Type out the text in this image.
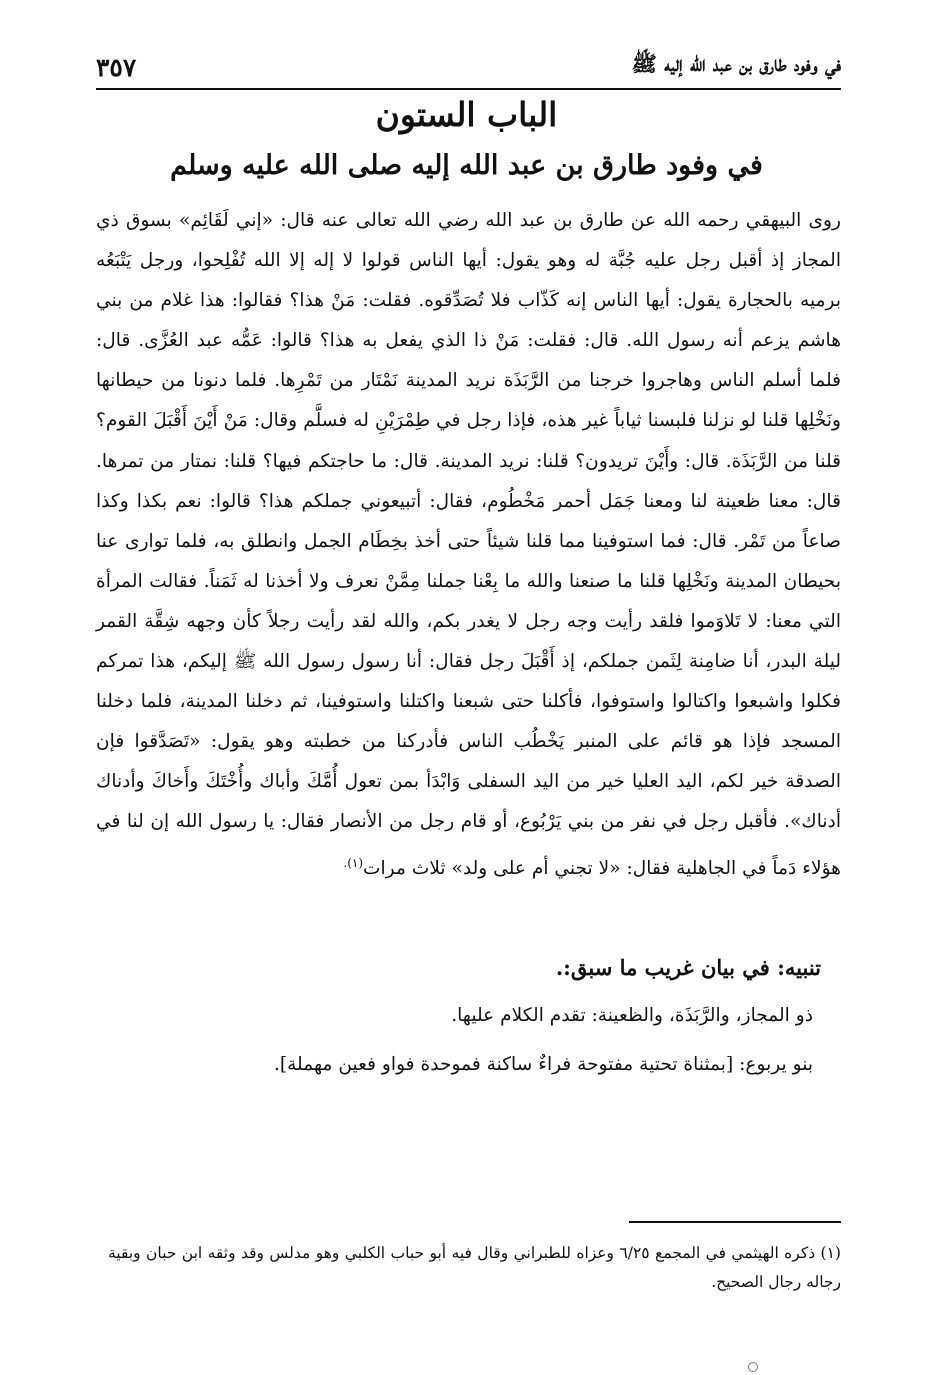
في وفود طارق بن عبد الله إليه ﷺ
٣٥٧
الباب الستون
في وفود طارق بن عبد الله إليه صلى الله عليه وسلم
روى البيهقي رحمه الله عن طارق بن عبد الله رضي الله تعالى عنه قال: «إني لَقَائِم» بسوق ذي المجاز إذ أقبل رجل عليه جُبَّة له وهو يقول: أيها الناس قولوا لا إله إلا الله تُفْلِحوا، ورجل يَتْبَعُه برميه بالحجارة يقول: أيها الناس إنه كَذّاب فلا تُصَدِّقوه. فقلت: مَنْ هذا؟ فقالوا: هذا غلام من بني هاشم يزعم أنه رسول الله. قال: فقلت: مَنْ ذا الذي يفعل به هذا؟ قالوا: عَمُّه عبد العُزَّى. قال: فلما أسلم الناس وهاجروا خرجنا من الرَّبَذَة نريد المدينة نَمْتَار من تَمْرِها. فلما دنونا من حيطانها ونَخْلِها قلنا لو نزلنا فلبسنا ثياباً غير هذه، فإذا رجل في طِمْرَيْنِ له فسلَّم وقال: مَنْ أَيْنَ أَقْبَلَ القوم؟ قلنا من الرَّبَذَة. قال: وأَيْنَ تريدون؟ قلنا: نريد المدينة. قال: ما حاجتكم فيها؟ قلنا: نمتار من تمرها. قال: معنا ظعينة لنا ومعنا جَمَل أحمر مَخْطُوم، فقال: أتبيعوني جملكم هذا؟ قالوا: نعم بكذا وكذا صاعاً من تَمْر. قال: فما استوفينا مما قلنا شيئاً حتى أخذ بخِطَام الجمل وانطلق به، فلما توارى عنا بحيطان المدينة ونَخْلِها قلنا ما صنعنا والله ما بِعْنا جملنا مِمَّنْ نعرف ولا أخذنا له ثَمَناً. فقالت المرأة التي معنا: لا تَلاوَموا فلقد رأيت وجه رجل لا يغدر بكم، والله لقد رأيت رجلاً كأن وجهه شِقَّة القمر ليلة البدر، أنا ضامِنة لِثَمن جملكم، إذ أَقْبَلَ رجل فقال: أنا رسول رسول الله ﷺ إليكم، هذا تمركم فكلوا واشبعوا واكتالوا واستوفوا، فأكلنا حتى شبعنا واكتلنا واستوفينا، ثم دخلنا المدينة، فلما دخلنا المسجد فإذا هو قائم على المنبر يَخْطُب الناس فأدركنا من خطبته وهو يقول: «تَصَدَّقوا فإن الصدقة خير لكم، اليد العليا خير من اليد السفلى وَابْدَأ بمن تعول أُمَّكَ وأباك وأُخْتَكَ وأَخاكَ وأدناك أدناك». فأقبل رجل في نفر من بني يَرْبُوع، أو قام رجل من الأنصار فقال: يا رسول الله إن لنا في هؤلاء دَماً في الجاهلية فقال: «لا تجني أم على ولد» ثلاث مرات$^{(١).}$
تنبيه: في بيان غريب ما سبق:.
ذو المجاز، والرَّبَذَة، والظعينة: تقدم الكلام عليها.
بنو يربوع: [بمثناة تحتية مفتوحة فراءٌ ساكنة فموحدة فواو فعين مهملة].
(١) ذكره الهيثمي في المجمع ٦/٢٥ وعزاه للطبراني وقال فيه أبو حباب الكلبي وهو مدلس وقد وثقه ابن حبان وبقية رجاله رجال الصحيح.
